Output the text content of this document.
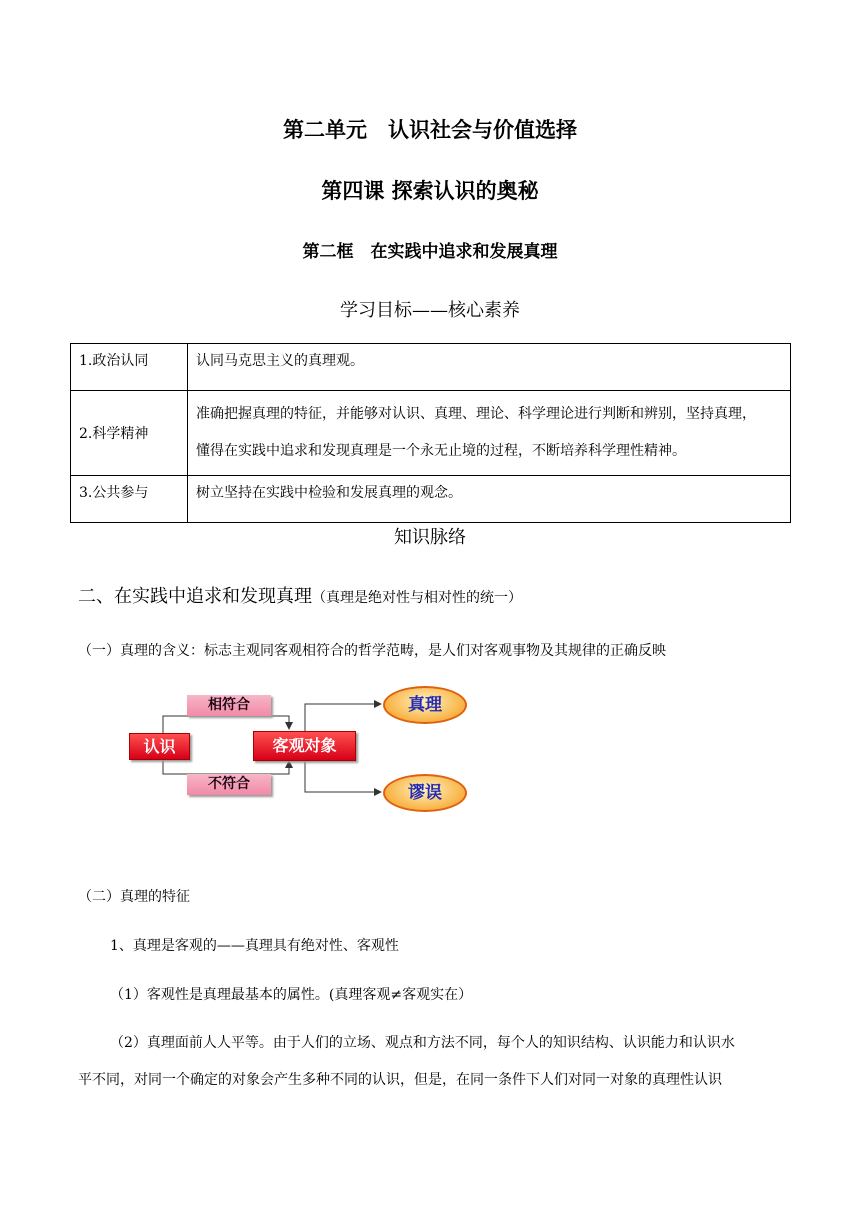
第二单元　认识社会与价值选择
第四课 探索认识的奥秘
第二框　在实践中追求和发展真理
学习目标——核心素养
1.政治认同	认同马克思主义的真理观。
2.科学精神	准确把握真理的特征，并能够对认识、真理、理论、科学理论进行判断和辨别，坚持真理，
懂得在实践中追求和发现真理是一个永无止境的过程，不断培养科学理性精神。

3.公共参与	树立坚持在实践中检验和发展真理的观念。
知识脉络
二、在实践中追求和发现真理（真理是绝对性与相对性的统一）
（一）真理的含义：标志主观同客观相符合的哲学范畴，是人们对客观事物及其规律的正确反映
相符合
认识	客观对象
不符合
真理
谬误
（二）真理的特征
1、真理是客观的——真理具有绝对性、客观性
（1）客观性是真理最基本的属性。(真理客观≠客观实在）
（2）真理面前人人平等。由于人们的立场、观点和方法不同，每个人的知识结构、认识能力和认识水
平不同，对同一个确定的对象会产生多种不同的认识，但是，在同一条件下人们对同一对象的真理性认识
